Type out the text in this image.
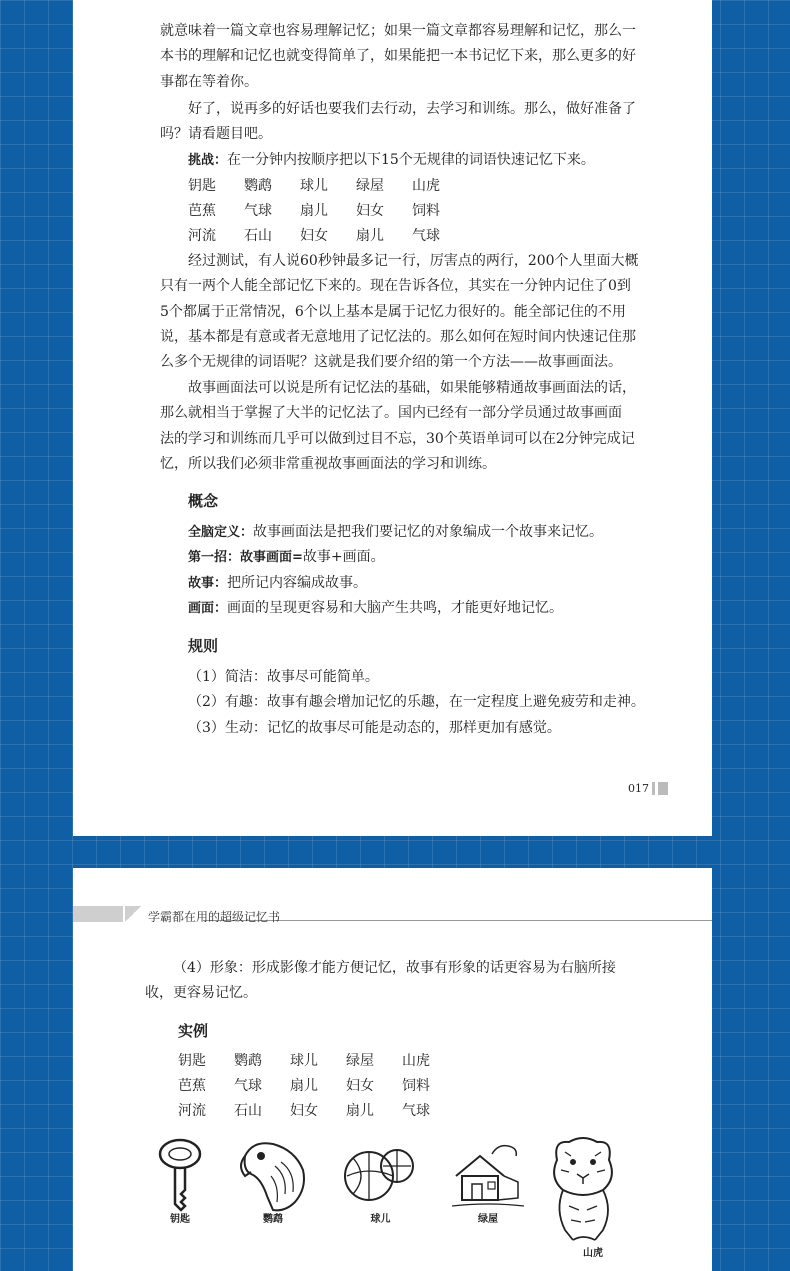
就意味着一篇文章也容易理解记忆；如果一篇文章都容易理解和记忆，那么一

本书的理解和记忆也就变得简单了，如果能把一本书记忆下来，那么更多的好

事都在等着你。

好了，说再多的好话也要我们去行动，去学习和训练。那么，做好准备了

吗？请看题目吧。

挑战：在一分钟内按顺序把以下15个无规律的词语快速记忆下来。
钥匙	鹦鹉	球儿	绿屋	山虎
芭蕉	气球	扇儿	妇女	饲料
河流	石山	妇女	扇儿	气球

经过测试，有人说60秒钟最多记一行，厉害点的两行，200个人里面大概

只有一两个人能全部记忆下来的。现在告诉各位，其实在一分钟内记住了0到

5个都属于正常情况，6个以上基本是属于记忆力很好的。能全部记住的不用

说，基本都是有意或者无意地用了记忆法的。那么如何在短时间内快速记住那

么多个无规律的词语呢？这就是我们要介绍的第一个方法——故事画面法。

故事画面法可以说是所有记忆法的基础，如果能够精通故事画面法的话，

那么就相当于掌握了大半的记忆法了。国内已经有一部分学员通过故事画面

法的学习和训练而几乎可以做到过目不忘，30个英语单词可以在2分钟完成记

忆，所以我们必须非常重视故事画面法的学习和训练。

概念

全脑定义：故事画面法是把我们要记忆的对象编成一个故事来记忆。

第一招：故事画面=故事+画面。

故事：把所记内容编成故事。

画面：画面的呈现更容易和大脑产生共鸣，才能更好地记忆。

规则

（1）简洁：故事尽可能简单。

（2）有趣：故事有趣会增加记忆的乐趣，在一定程度上避免疲劳和走神。

（3）生动：记忆的故事尽可能是动态的，那样更加有感觉。

017
学霸都在用的超级记忆书

（4）形象：形成影像才能方便记忆，故事有形象的话更容易为右脑所接

收，更容易记忆。

实例
钥匙	鹦鹉	球儿	绿屋	山虎
芭蕉	气球	扇儿	妇女	饲料
河流	石山	妇女	扇儿	气球
钥匙	鹦鹉	球儿	绿屋
山虎
